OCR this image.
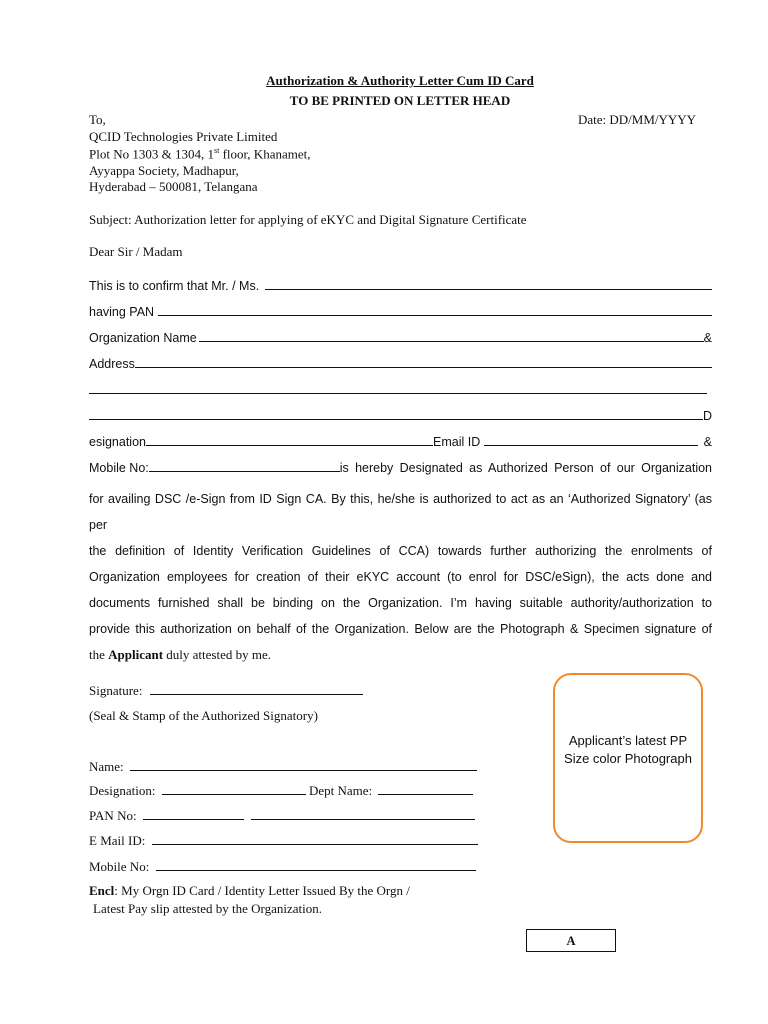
Authorization & Authority Letter Cum ID Card
TO BE PRINTED ON LETTER HEAD
To,	Date: DD/MM/YYYY
QCID Technologies Private Limited
Plot No 1303 & 1304, 1st floor, Khanamet,
Ayyappa Society, Madhapur,
Hyderabad – 500081, Telangana
Subject: Authorization letter for applying of eKYC and Digital Signature Certificate
Dear Sir / Madam
This is to confirm that Mr. / Ms.
having PAN
Organization Name	&
Address
D
esignation	Email ID	&
Mobile No:	is hereby Designated as Authorized Person of our Organization
for availing DSC /e-Sign from ID Sign CA. By this, he/she is authorized to act as an ‘Authorized Signatory’ (as per
the definition of Identity Verification Guidelines of CCA) towards further authorizing the enrolments of
Organization employees for creation of their eKYC account (to enrol for DSC/eSign), the acts done and
documents furnished shall be binding on the Organization. I’m having suitable authority/authorization to
provide this authorization on behalf of the Organization. Below are the Photograph & Specimen signature of
the Applicant duly attested by me.
Signature:
(Seal & Stamp of the Authorized Signatory)
Name:
Designation:	Dept Name:
PAN No:
E Mail ID:
Mobile No:
Encl: My Orgn ID Card / Identity Letter Issued By the Orgn /
Latest Pay slip attested by the Organization.
Applicant’s latest PP Size color Photograph
A
